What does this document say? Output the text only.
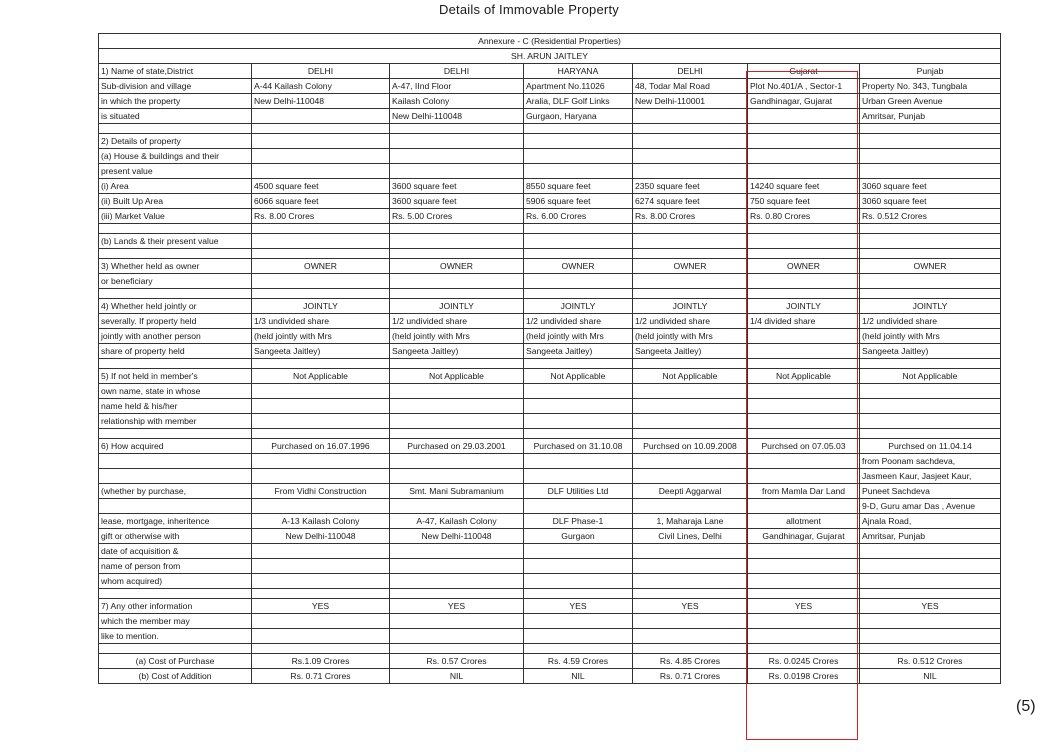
Details of Immovable Property
Annexure - C (Residential Properties)						
SH. ARUN JAITLEY						
1) Name of state,District	DELHI	DELHI	HARYANA	DELHI	Gujarat	Punjab
Sub-division and village	A-44 Kailash Colony	A-47, IInd Floor	Apartment No.11026	48, Todar Mal Road	Plot No.401/A , Sector-1	Property No. 343, Tungbala
in which the property	New Delhi-110048	Kailash Colony	Aralia, DLF Golf Links	New Delhi-110001	Gandhinagar, Gujarat	Urban Green Avenue
is situated		New Delhi-110048	Gurgaon, Haryana			Amritsar, Punjab

2) Details of property						
(a) House & buildings and their						
present value						
(i) Area	4500 square feet	3600 square feet	8550 square feet	2350 square feet	14240 square feet	3060 square feet
(ii) Built Up Area	6066 square feet	3600 square feet	5906 square feet	6274 square feet	750 square feet	3060 square feet
(iii) Market Value	Rs. 8.00 Crores	Rs. 5.00 Crores	Rs. 6.00 Crores	Rs. 8.00 Crores	Rs. 0.80 Crores	Rs. 0.512 Crores

(b) Lands & their present value						

3) Whether held as owner	OWNER	OWNER	OWNER	OWNER	OWNER	OWNER
or beneficiary						

4) Whether held jointly or	JOINTLY	JOINTLY	JOINTLY	JOINTLY	JOINTLY	JOINTLY
severally. If property held	1/3 undivided share	1/2 undivided share	1/2 undivided share	1/2 undivided share	1/4 divided share	1/2 undivided share
jointly with another person	(held jointly with Mrs	(held jointly with Mrs	(held jointly with Mrs	(held jointly with Mrs		(held jointly with Mrs
share of property held	Sangeeta Jaitley)	Sangeeta Jaitley)	Sangeeta Jaitley)	Sangeeta Jaitley)		Sangeeta Jaitley)

5) If not held in member's	Not Applicable	Not Applicable	Not Applicable	Not Applicable	Not Applicable	Not Applicable
own name, state in whose						
name held & his/her						
relationship with member						

6) How acquired	Purchased on 16.07.1996	Purchased on 29.03.2001	Purchased on 31.10.08	Purchsed on 10.09.2008	Purchsed on 07.05.03	Purchsed on 11.04.14
						from Poonam sachdeva,
						Jasmeen Kaur, Jasjeet Kaur,
(whether by purchase,	From Vidhi Construction	Smt. Mani Subramanium	DLF Utilities Ltd	Deepti Aggarwal	from Mamla Dar Land	Puneet Sachdeva
						9-D, Guru amar Das , Avenue
lease, mortgage, inheritence	A-13 Kailash Colony	A-47, Kailash Colony	DLF Phase-1	1, Maharaja Lane	allotment	Ajnala Road,
gift or otherwise with	New Delhi-110048	New Delhi-110048	Gurgaon	Civil Lines, Delhi	Gandhinagar, Gujarat	Amritsar, Punjab
date of acquisition &						
name of person from						
whom acquired)						

7) Any other information	YES	YES	YES	YES	YES	YES
which the member may						
like to mention.						

(a) Cost of Purchase	Rs.1.09 Crores	Rs. 0.57 Crores	Rs. 4.59 Crores	Rs. 4.85 Crores	Rs. 0.0245 Crores	Rs. 0.512 Crores
(b) Cost of Addition	Rs. 0.71 Crores	NIL	NIL	Rs. 0.71 Crores	Rs. 0.0198 Crores	NIL
(5)
